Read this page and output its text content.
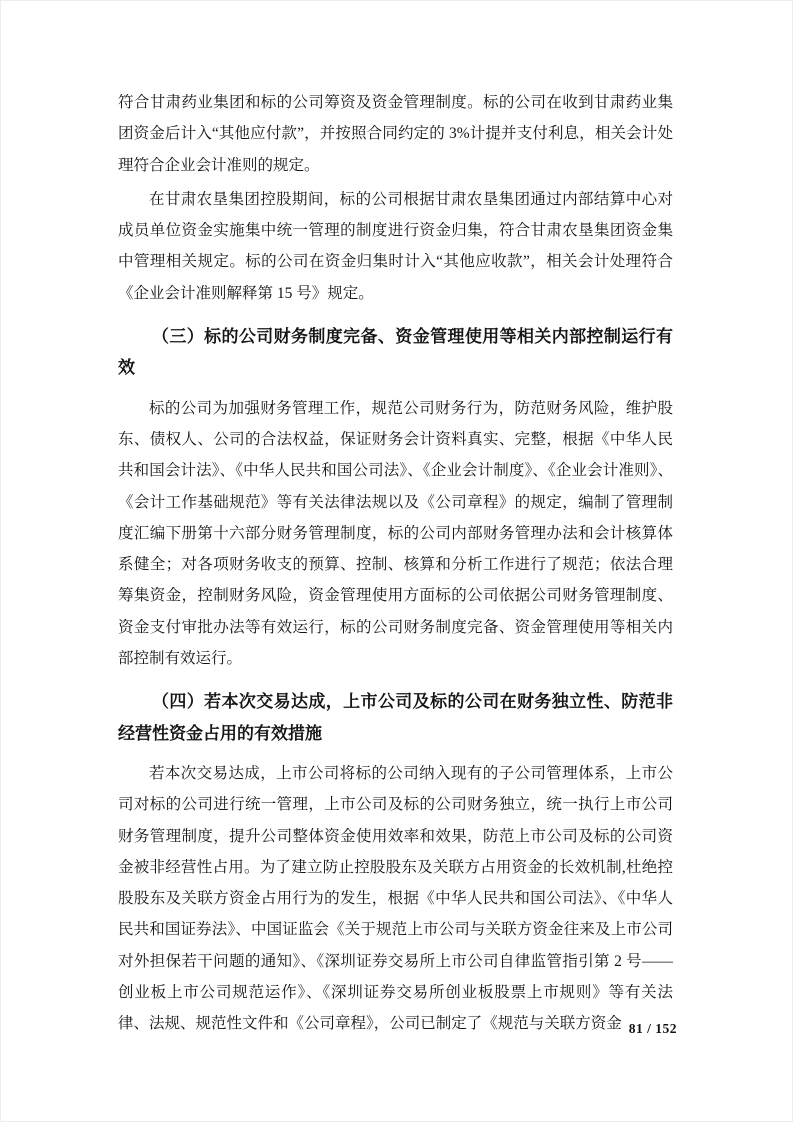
符合甘肃药业集团和标的公司筹资及资金管理制度。标的公司在收到甘肃药业集团资金后计入“其他应付款”，并按照合同约定的 3%计提并支付利息，相关会计处理符合企业会计准则的规定。

在甘肃农垦集团控股期间，标的公司根据甘肃农垦集团通过内部结算中心对成员单位资金实施集中统一管理的制度进行资金归集，符合甘肃农垦集团资金集中管理相关规定。标的公司在资金归集时计入“其他应收款”，相关会计处理符合《企业会计准则解释第 15 号》规定。

（三）标的公司财务制度完备、资金管理使用等相关内部控制运行有效

标的公司为加强财务管理工作，规范公司财务行为，防范财务风险，维护股东、债权人、公司的合法权益，保证财务会计资料真实、完整，根据《中华人民共和国会计法》、《中华人民共和国公司法》、《企业会计制度》、《企业会计准则》、《会计工作基础规范》等有关法律法规以及《公司章程》的规定，编制了管理制度汇编下册第十六部分财务管理制度，标的公司内部财务管理办法和会计核算体系健全；对各项财务收支的预算、控制、核算和分析工作进行了规范；依法合理筹集资金，控制财务风险，资金管理使用方面标的公司依据公司财务管理制度、资金支付审批办法等有效运行，标的公司财务制度完备、资金管理使用等相关内部控制有效运行。

（四）若本次交易达成，上市公司及标的公司在财务独立性、防范非经营性资金占用的有效措施

若本次交易达成，上市公司将标的公司纳入现有的子公司管理体系，上市公司对标的公司进行统一管理，上市公司及标的公司财务独立，统一执行上市公司财务管理制度，提升公司整体资金使用效率和效果，防范上市公司及标的公司资金被非经营性占用。为了建立防止控股股东及关联方占用资金的长效机制,杜绝控股股东及关联方资金占用行为的发生，根据《中华人民共和国公司法》、《中华人民共和国证券法》、中国证监会《关于规范上市公司与关联方资金往来及上市公司对外担保若干问题的通知》、《深圳证券交易所上市公司自律监管指引第 2 号——创业板上市公司规范运作》、《深圳证券交易所创业板股票上市规则》等有关法律、法规、规范性文件和《公司章程》，公司已制定了《规范与关联方资金 81 / 152
